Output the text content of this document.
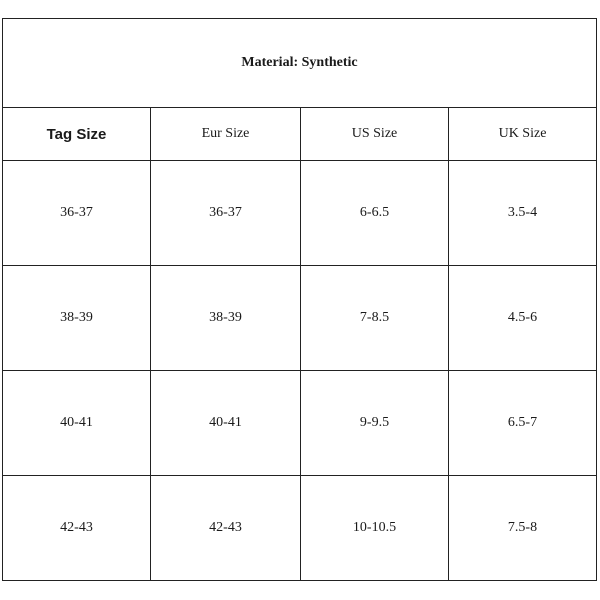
Material: Synthetic			
Tag Size	Eur Size	US Size	UK Size
36-37	36-37	6-6.5	3.5-4
38-39	38-39	7-8.5	4.5-6
40-41	40-41	9-9.5	6.5-7
42-43	42-43	10-10.5	7.5-8
